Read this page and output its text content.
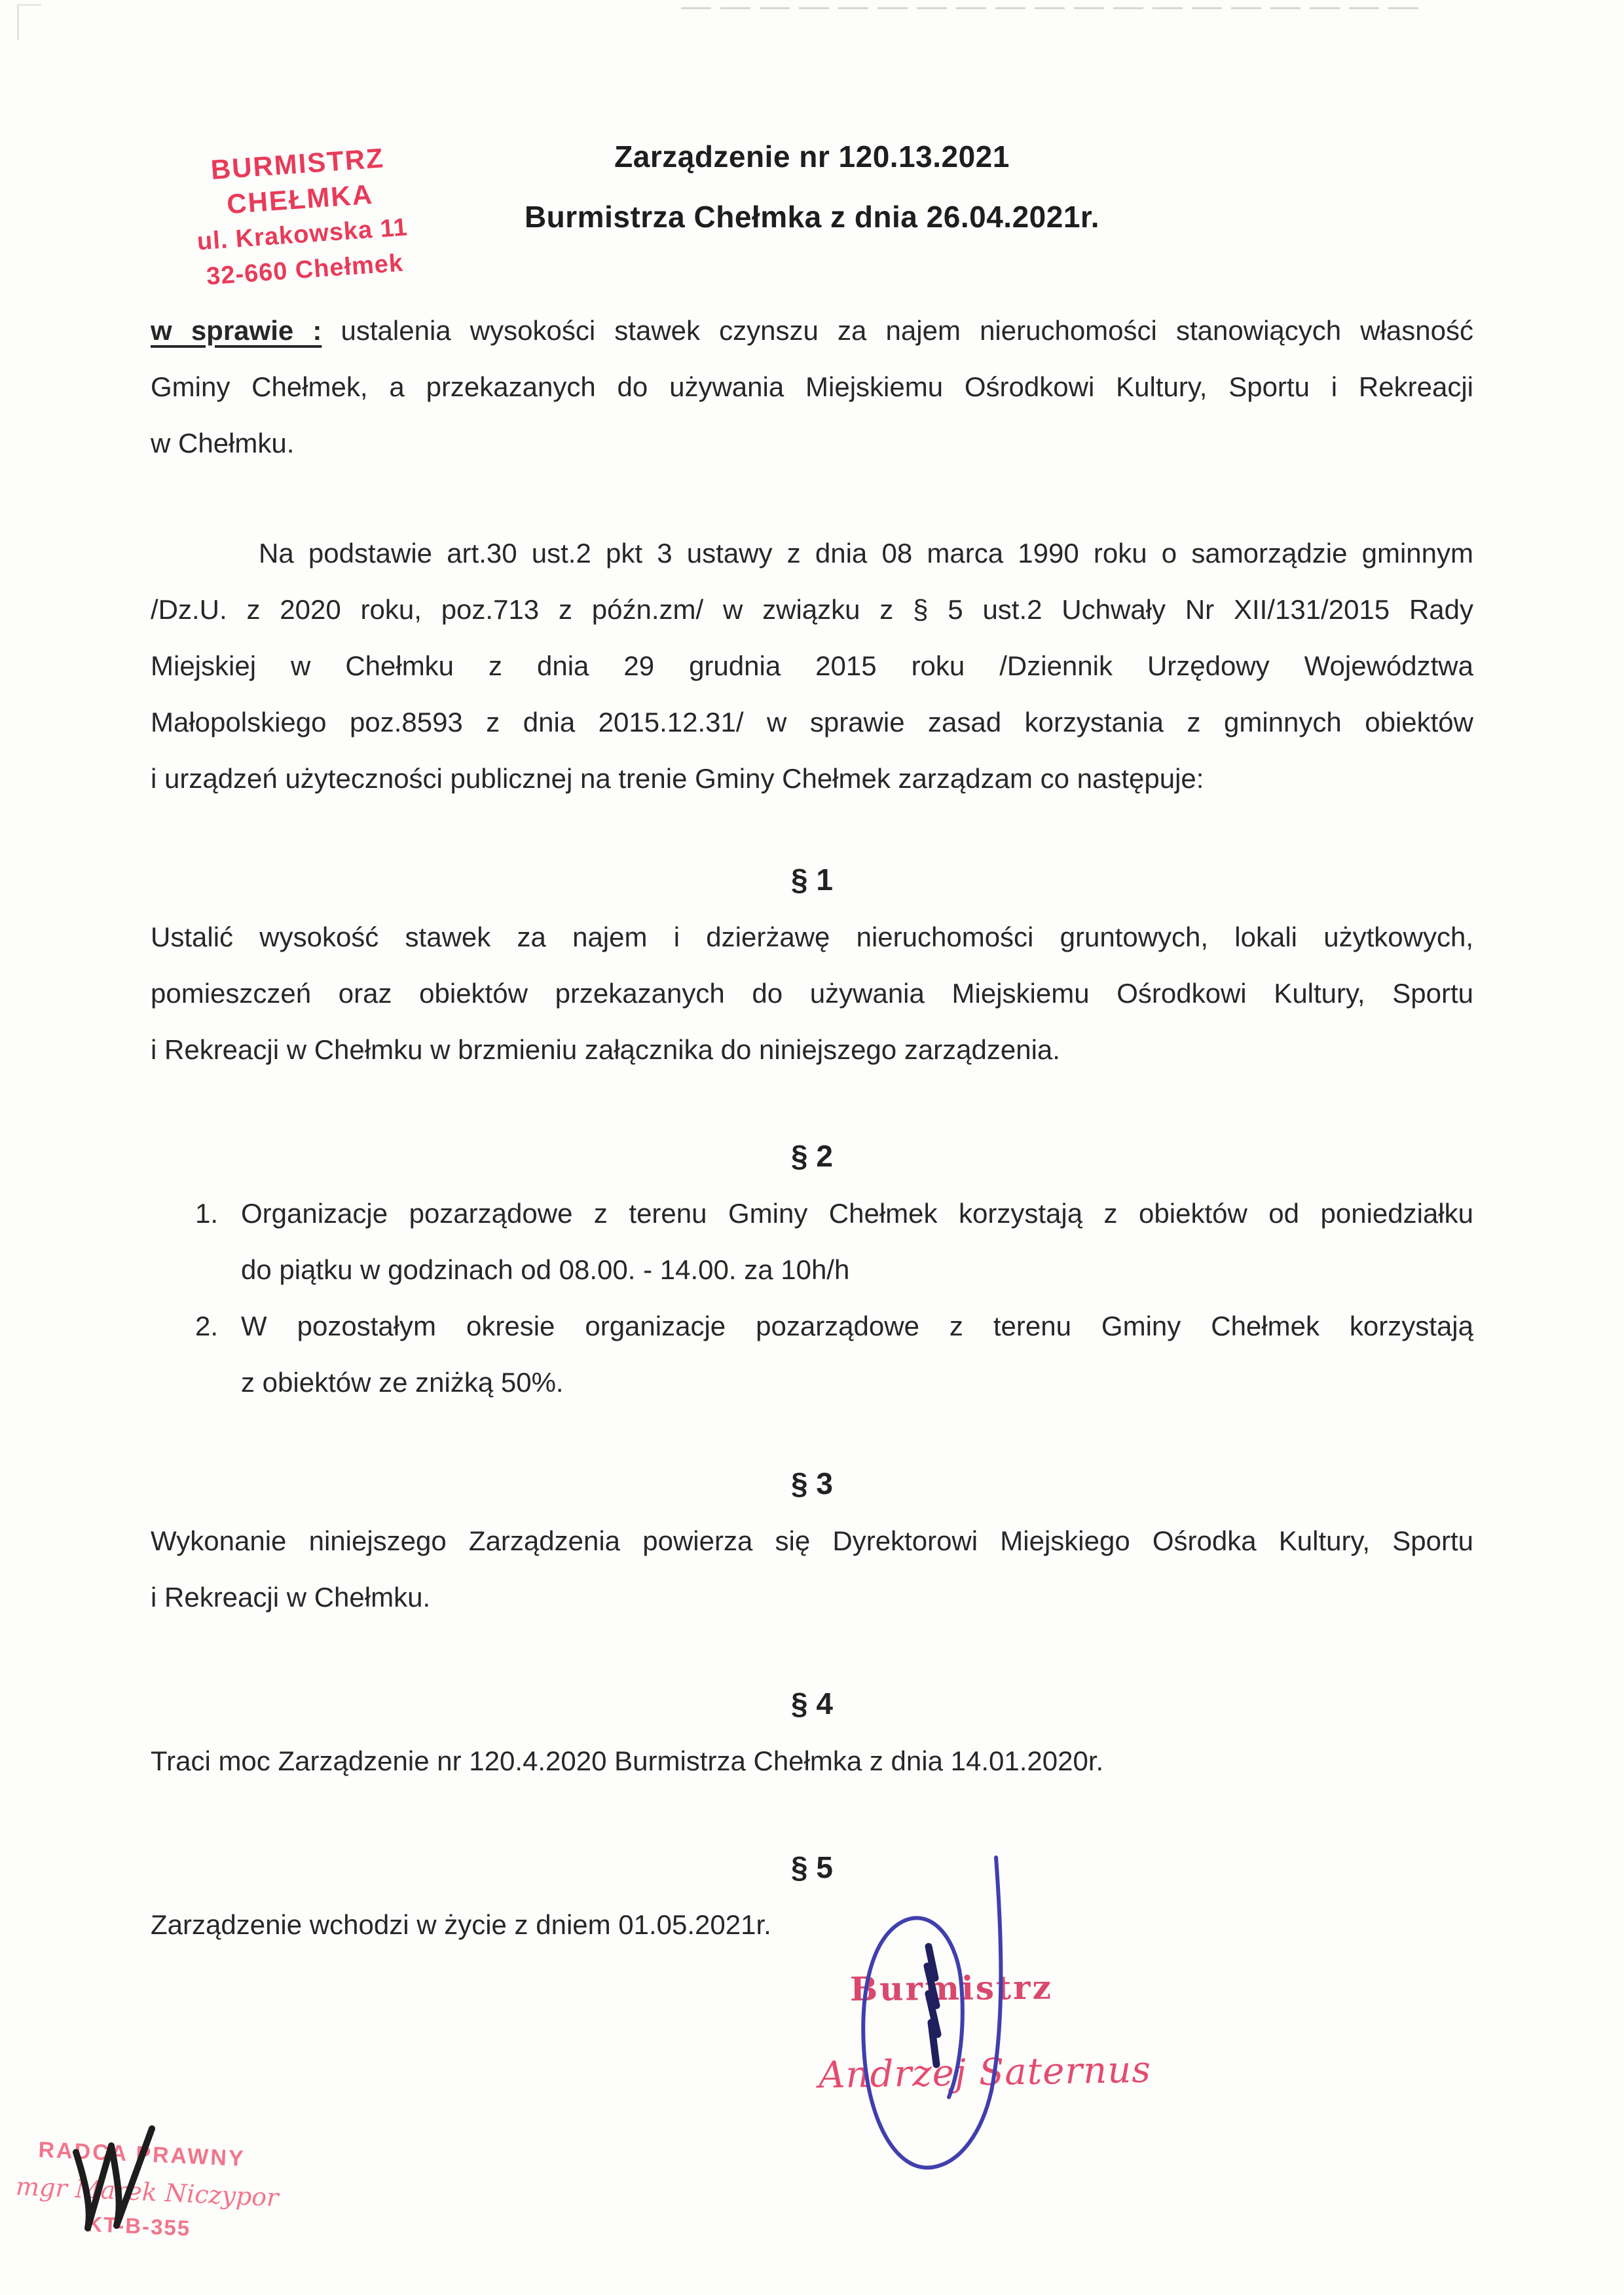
BURMISTRZ CHEŁMKA
ul. Krakowska 11
32-660 Chełmek
Zarządzenie nr 120.13.2021
Burmistrza Chełmka z dnia 26.04.2021r.
w sprawie : ustalenia wysokości stawek czynszu za najem nieruchomości stanowiących własność
Gminy Chełmek, a przekazanych do używania Miejskiemu Ośrodkowi Kultury, Sportu i Rekreacji
w Chełmku.
Na podstawie art.30 ust.2 pkt 3 ustawy z dnia 08 marca 1990 roku o samorządzie gminnym
/Dz.U. z 2020 roku, poz.713 z późn.zm/ w związku z § 5 ust.2 Uchwały Nr XII/131/2015 Rady
Miejskiej w Chełmku z dnia 29 grudnia 2015 roku /Dziennik Urzędowy Województwa
Małopolskiego poz.8593 z dnia 2015.12.31/ w sprawie zasad korzystania z gminnych obiektów
i urządzeń użyteczności publicznej na trenie Gminy Chełmek zarządzam co następuje:
§ 1
Ustalić wysokość stawek za najem i dzierżawę nieruchomości gruntowych, lokali użytkowych,
pomieszczeń oraz obiektów przekazanych do używania Miejskiemu Ośrodkowi Kultury, Sportu
i Rekreacji w Chełmku w brzmieniu załącznika do niniejszego zarządzenia.
§ 2
1. Organizacje pozarządowe z terenu Gminy Chełmek korzystają z obiektów od poniedziałku
do piątku w godzinach od 08.00. - 14.00. za 10h/h
2. W pozostałym okresie organizacje pozarządowe z terenu Gminy Chełmek korzystają
z obiektów ze zniżką 50%.
§ 3
Wykonanie niniejszego Zarządzenia powierza się Dyrektorowi Miejskiego Ośrodka Kultury, Sportu
i Rekreacji w Chełmku.
§ 4
Traci moc Zarządzenie nr 120.4.2020 Burmistrza Chełmka z dnia 14.01.2020r.
§ 5
Zarządzenie wchodzi w życie z dniem 01.05.2021r.
Burmistrz
Andrzej Saternus
RADCA PRAWNY
mgr Marek Niczypor
KT-B-355
